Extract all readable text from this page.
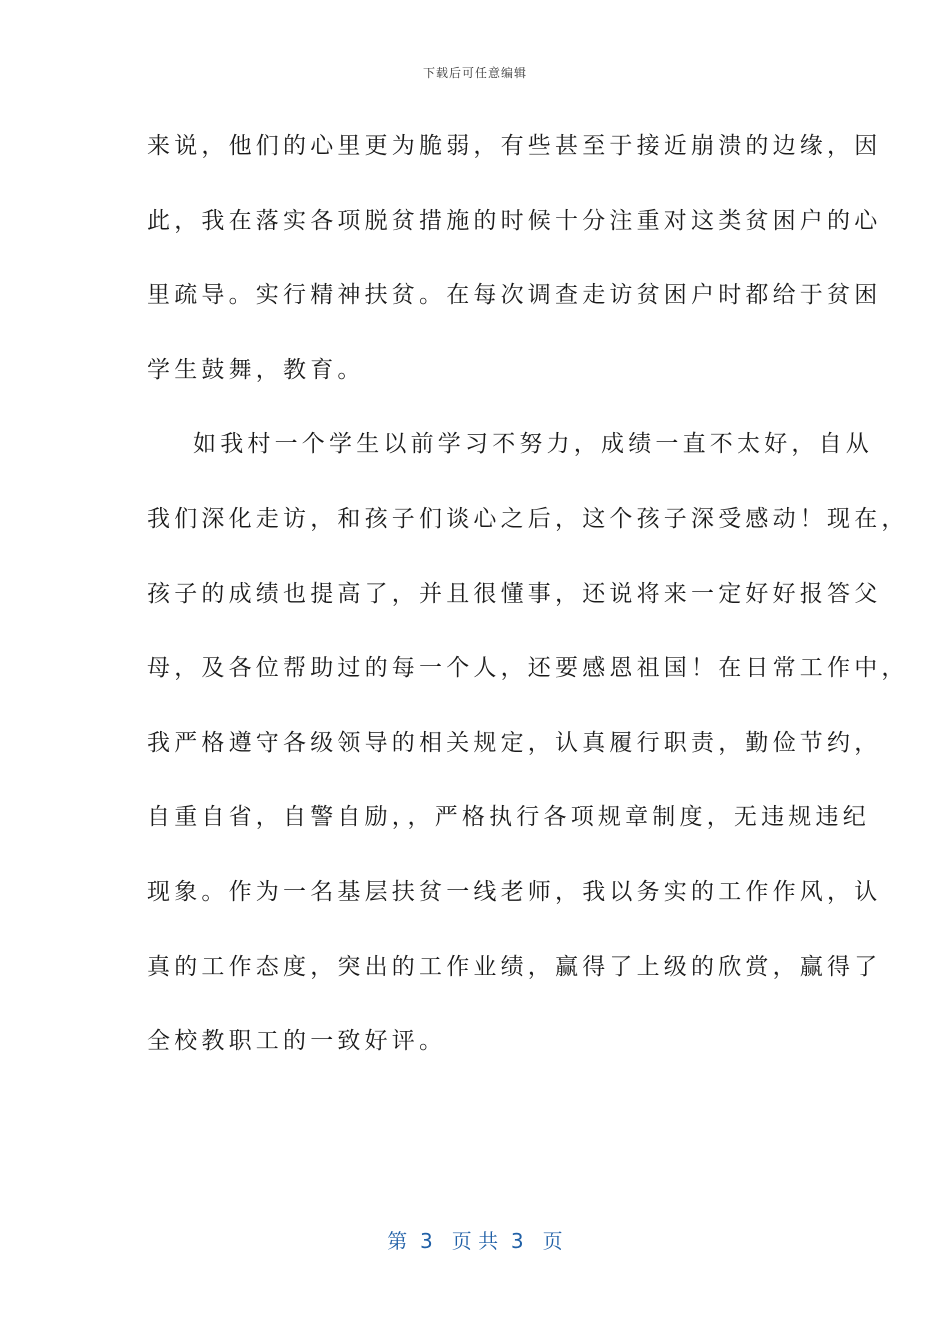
下载后可任意编辑
来说，他们的心里更为脆弱，有些甚至于接近崩溃的边缘，因
此，我在落实各项脱贫措施的时候十分注重对这类贫困户的心
里疏导。实行精神扶贫。在每次调查走访贫困户时都给于贫困
学生鼓舞，教育。
如我村一个学生以前学习不努力，成绩一直不太好，自从
我们深化走访，和孩子们谈心之后，这个孩子深受感动！现在，
孩子的成绩也提高了，并且很懂事，还说将来一定好好报答父
母，及各位帮助过的每一个人，还要感恩祖国！在日常工作中，
我严格遵守各级领导的相关规定，认真履行职责，勤俭节约，
自重自省，自警自励，，严格执行各项规章制度，无违规违纪
现象。作为一名基层扶贫一线老师，我以务实的工作作风，认
真的工作态度，突出的工作业绩，赢得了上级的欣赏，赢得了
全校教职工的一致好评。
第  3   页 共  3   页
